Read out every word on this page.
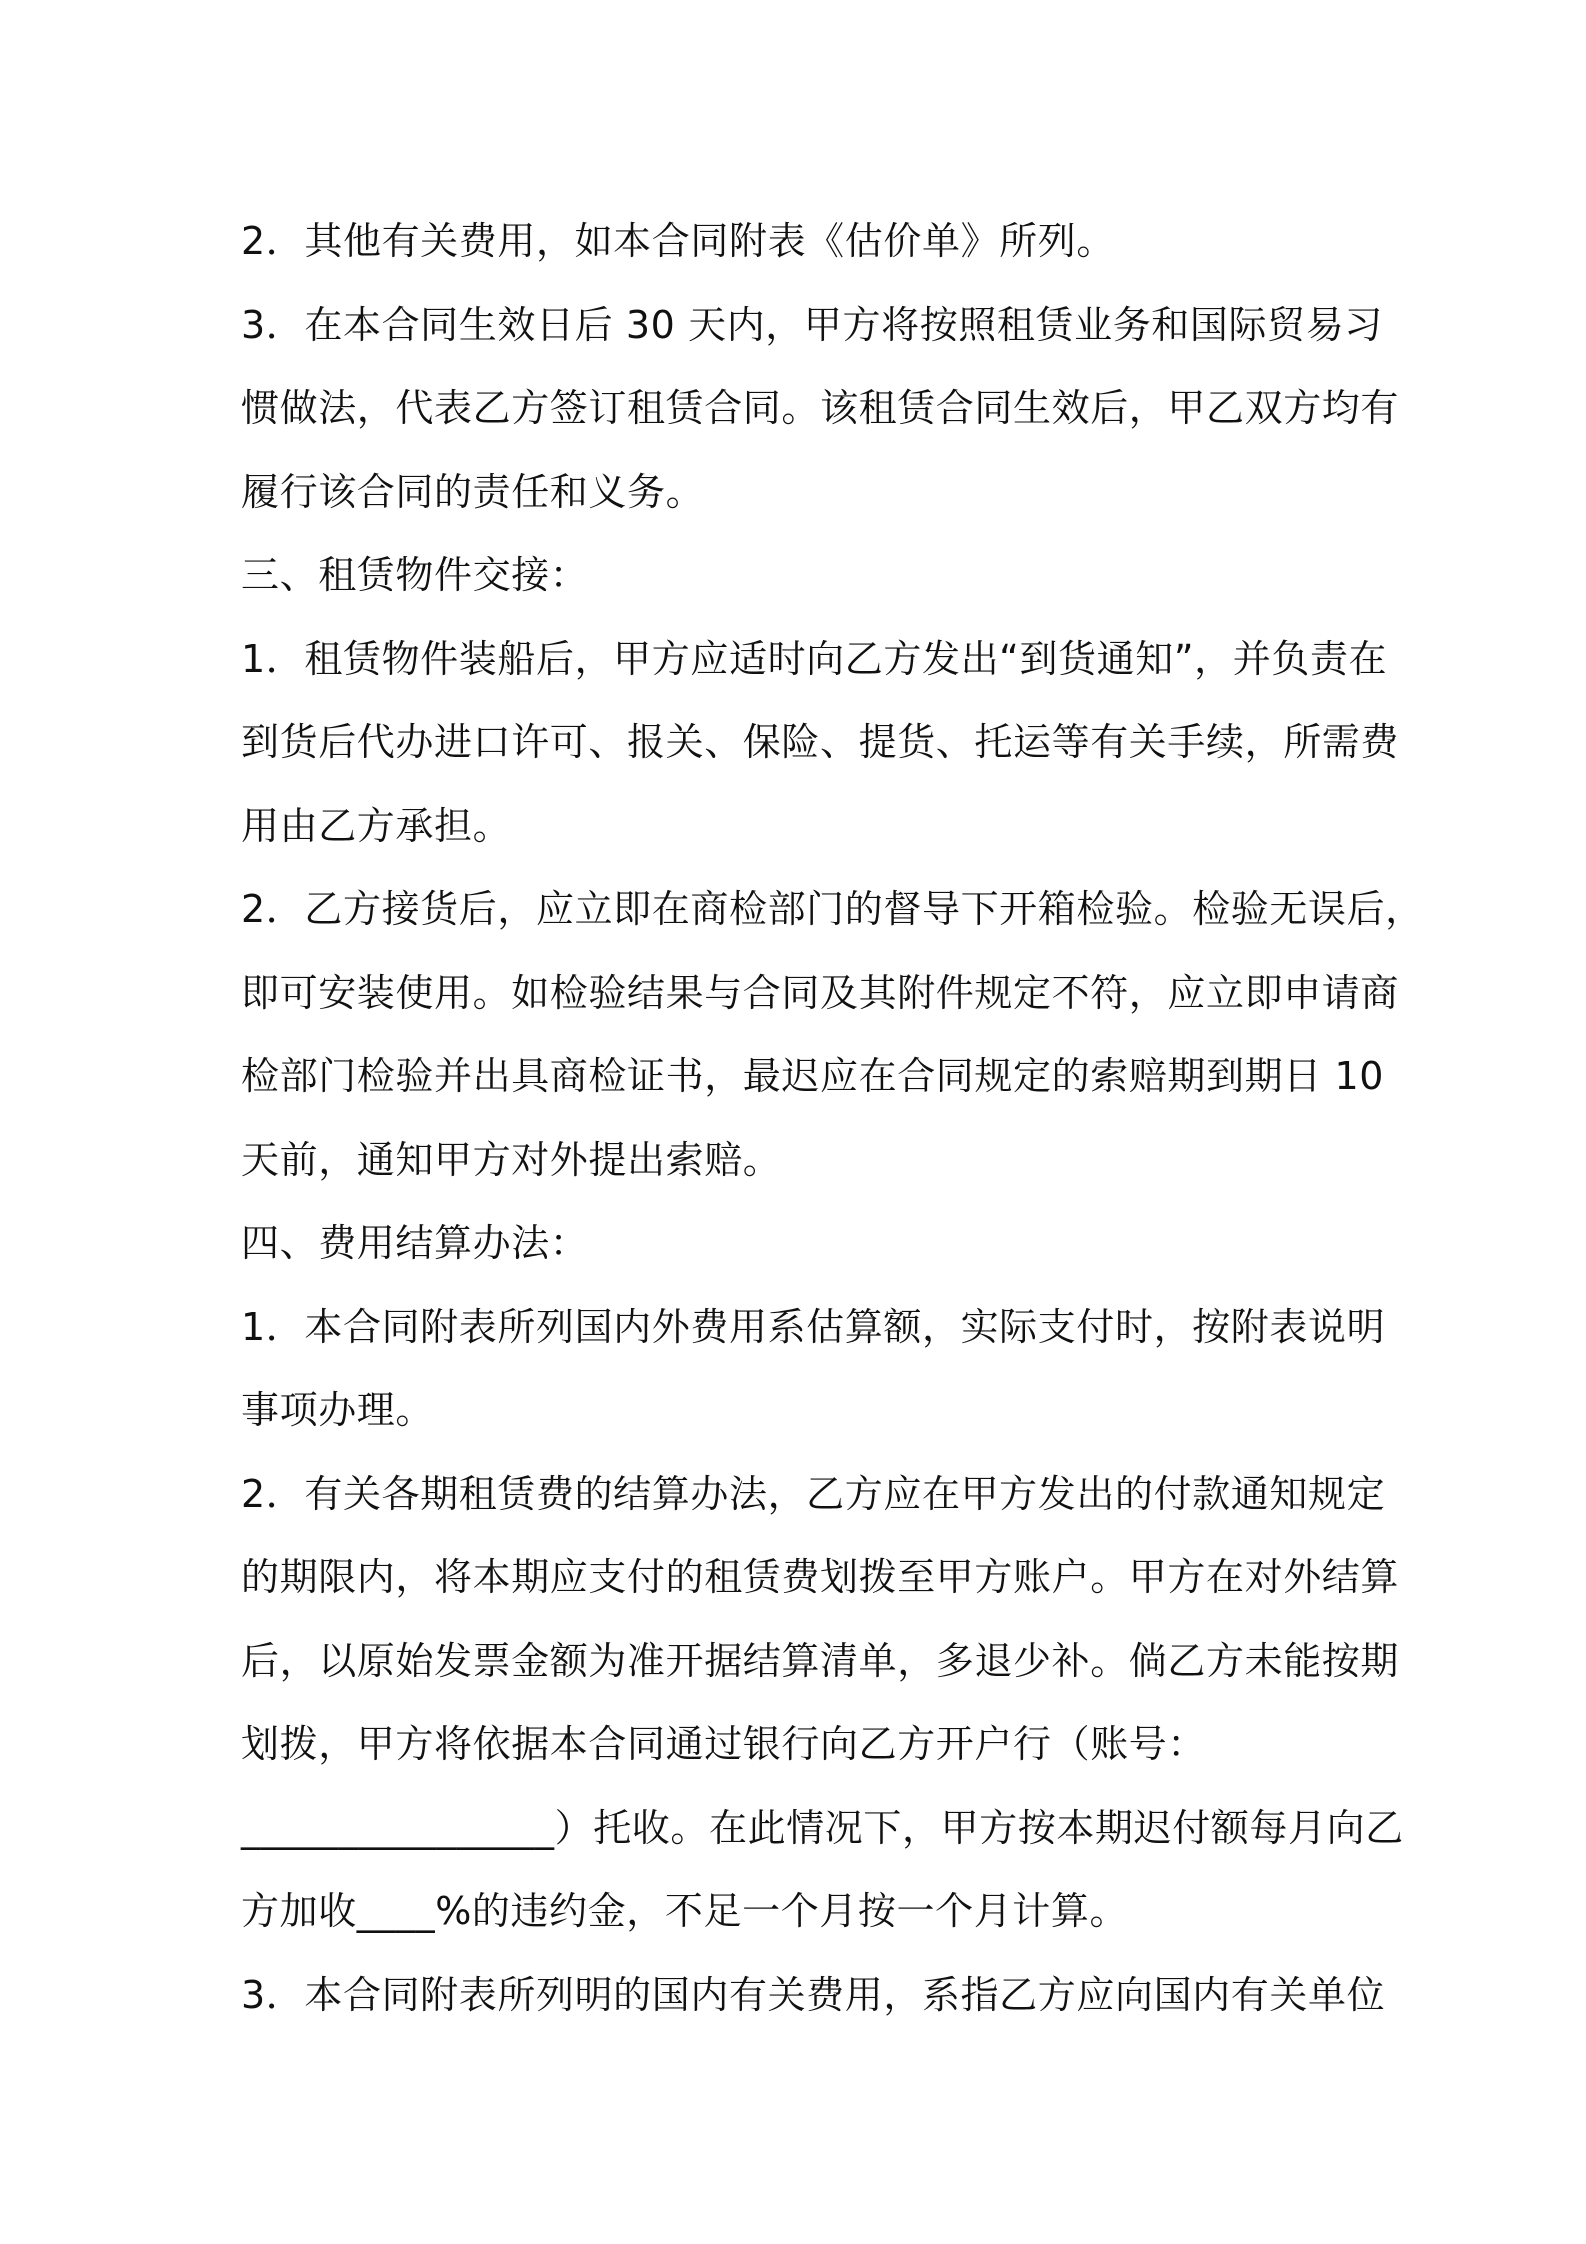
2．其他有关费用，如本合同附表《估价单》所列。
3．在本合同生效日后 30 天内，甲方将按照租赁业务和国际贸易习
惯做法，代表乙方签订租赁合同。该租赁合同生效后，甲乙双方均有
履行该合同的责任和义务。
三、租赁物件交接：
1．租赁物件装船后，甲方应适时向乙方发出“到货通知”，并负责在
到货后代办进口许可、报关、保险、提货、托运等有关手续，所需费
用由乙方承担。
2．乙方接货后，应立即在商检部门的督导下开箱检验。检验无误后，
即可安装使用。如检验结果与合同及其附件规定不符，应立即申请商
检部门检验并出具商检证书，最迟应在合同规定的索赔期到期日 10
天前，通知甲方对外提出索赔。
四、费用结算办法：
1．本合同附表所列国内外费用系估算额，实际支付时，按附表说明
事项办理。
2．有关各期租赁费的结算办法，乙方应在甲方发出的付款通知规定
的期限内，将本期应支付的租赁费划拨至甲方账户。甲方在对外结算
后，以原始发票金额为准开据结算清单，多退少补。倘乙方未能按期
划拨，甲方将依据本合同通过银行向乙方开户行（账号：
________________）托收。在此情况下，甲方按本期迟付额每月向乙
方加收____%的违约金，不足一个月按一个月计算。
3．本合同附表所列明的国内有关费用，系指乙方应向国内有关单位
